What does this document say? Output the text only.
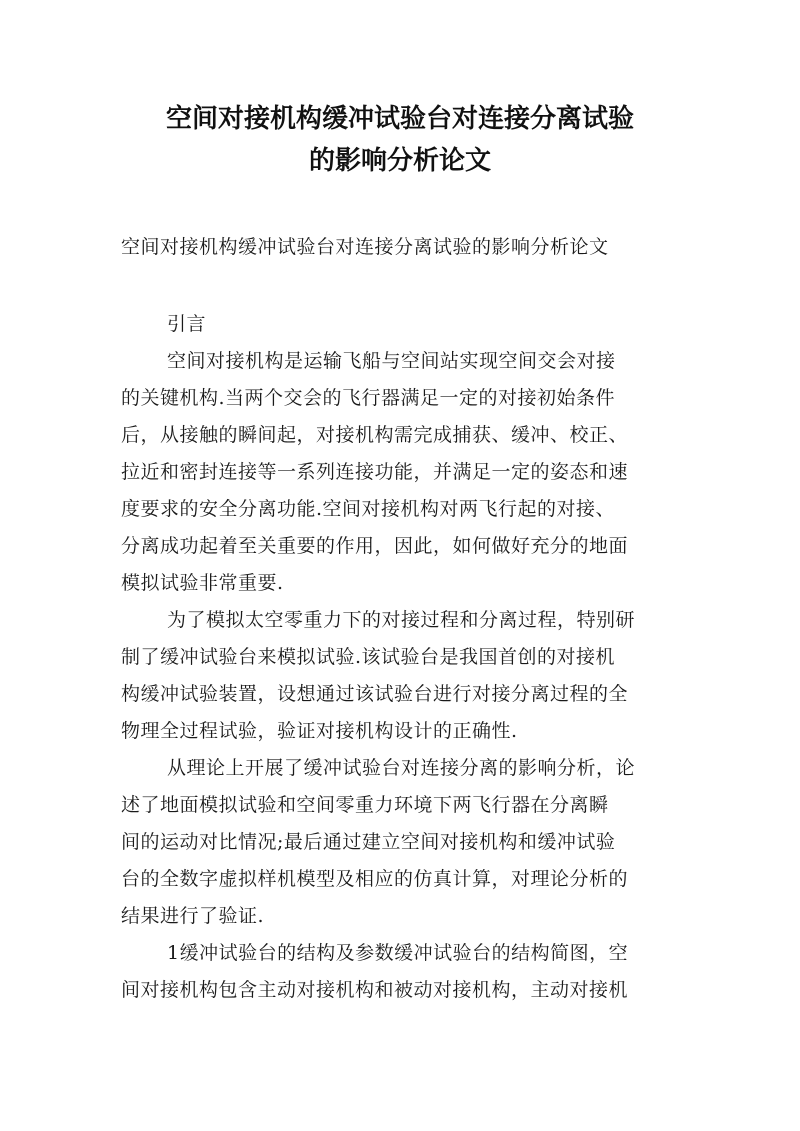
空间对接机构缓冲试验台对连接分离试验
的影响分析论文

空间对接机构缓冲试验台对连接分离试验的影响分析论文

引言
空间对接机构是运输飞船与空间站实现空间交会对接
的关键机构.当两个交会的飞行器满足一定的对接初始条件
后，从接触的瞬间起，对接机构需完成捕获、缓冲、校正、
拉近和密封连接等一系列连接功能，并满足一定的姿态和速
度要求的安全分离功能.空间对接机构对两飞行起的对接、
分离成功起着至关重要的作用，因此，如何做好充分的地面
模拟试验非常重要.
为了模拟太空零重力下的对接过程和分离过程，特别研
制了缓冲试验台来模拟试验.该试验台是我国首创的对接机
构缓冲试验装置，设想通过该试验台进行对接分离过程的全
物理全过程试验，验证对接机构设计的正确性.
从理论上开展了缓冲试验台对连接分离的影响分析，论
述了地面模拟试验和空间零重力环境下两飞行器在分离瞬
间的运动对比情况;最后通过建立空间对接机构和缓冲试验
台的全数字虚拟样机模型及相应的仿真计算，对理论分析的
结果进行了验证.
1缓冲试验台的结构及参数缓冲试验台的结构简图，空
间对接机构包含主动对接机构和被动对接机构，主动对接机
